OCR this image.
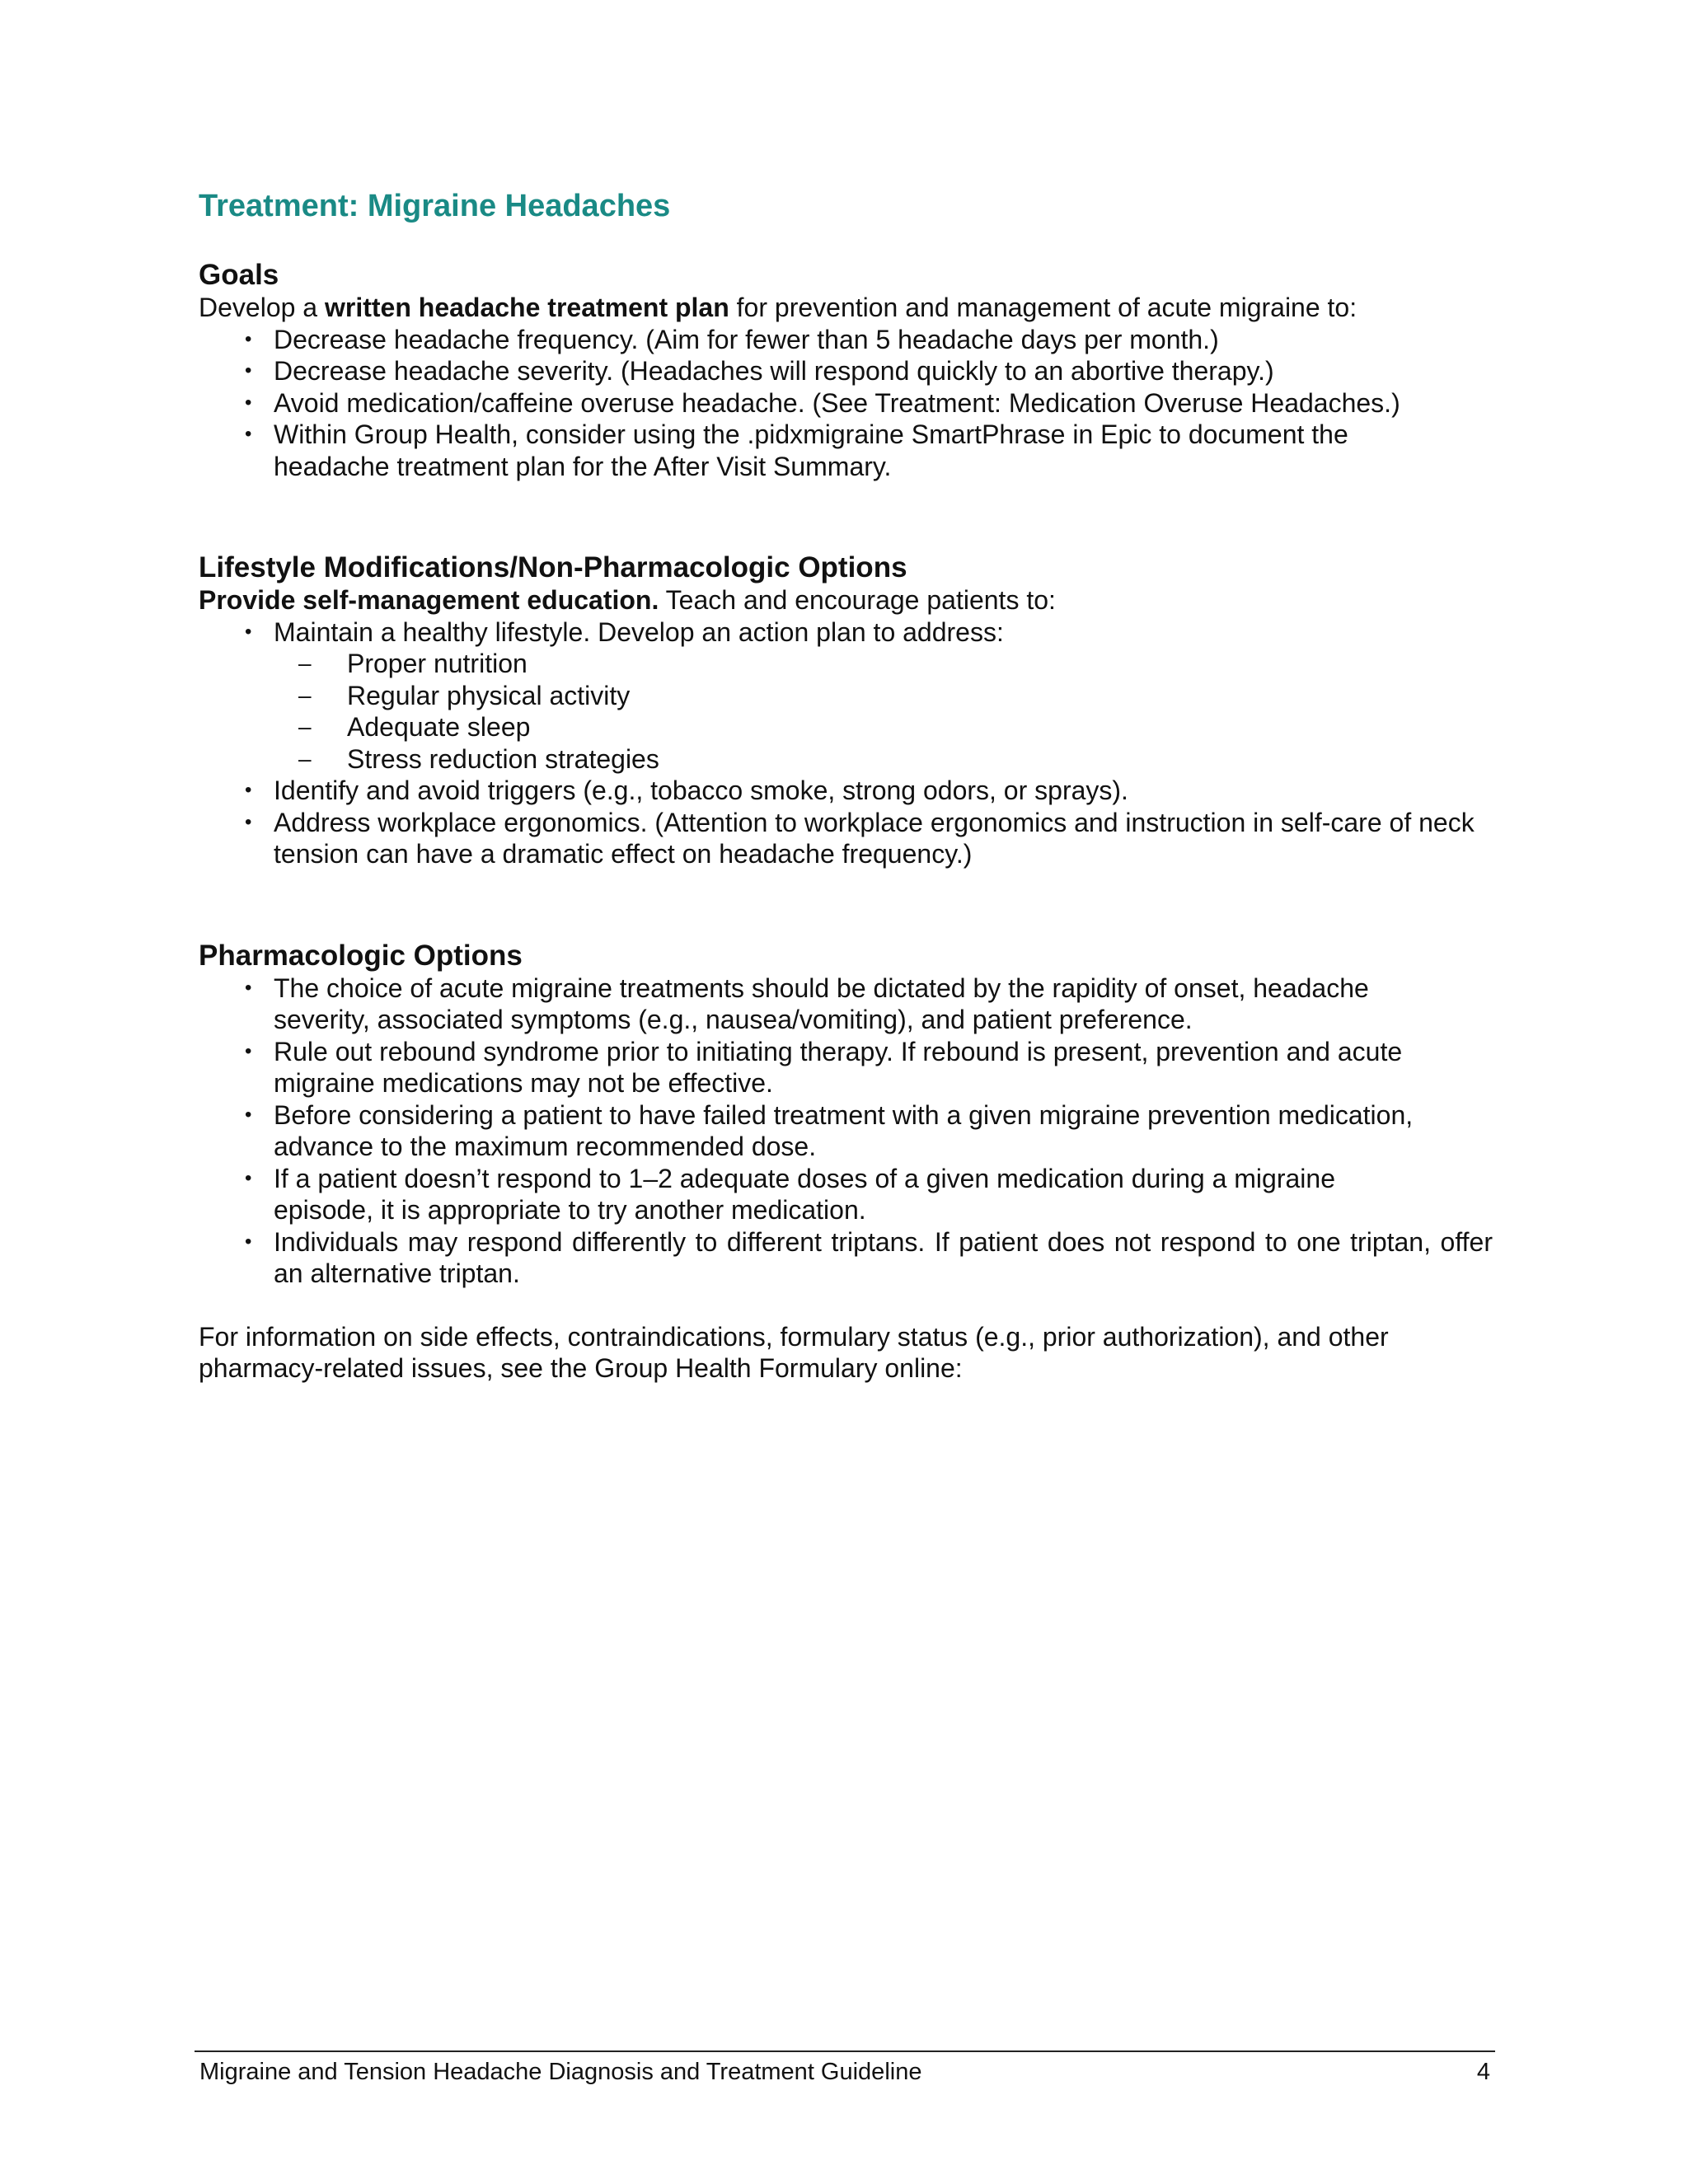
Treatment: Migraine Headaches
Goals

Develop a written headache treatment plan for prevention and management of acute migraine to:

• Decrease headache frequency. (Aim for fewer than 5 headache days per month.)
• Decrease headache severity. (Headaches will respond quickly to an abortive therapy.)
• Avoid medication/caffeine overuse headache. (See Treatment: Medication Overuse Headaches.)
• Within Group Health, consider using the .pidxmigraine SmartPhrase in Epic to document the headache treatment plan for the After Visit Summary.
Lifestyle Modifications/Non-Pharmacologic Options

Provide self-management education. Teach and encourage patients to:

• Maintain a healthy lifestyle. Develop an action plan to address:
– Proper nutrition
– Regular physical activity
– Adequate sleep
– Stress reduction strategies
• Identify and avoid triggers (e.g., tobacco smoke, strong odors, or sprays).
• Address workplace ergonomics. (Attention to workplace ergonomics and instruction in self-care of neck tension can have a dramatic effect on headache frequency.)
Pharmacologic Options
• The choice of acute migraine treatments should be dictated by the rapidity of onset, headache severity, associated symptoms (e.g., nausea/vomiting), and patient preference.
• Rule out rebound syndrome prior to initiating therapy. If rebound is present, prevention and acute migraine medications may not be effective.
• Before considering a patient to have failed treatment with a given migraine prevention medication, advance to the maximum recommended dose.
• If a patient doesn’t respond to 1–2 adequate doses of a given medication during a migraine episode, it is appropriate to try another medication.
• Individuals may respond differently to different triptans. If patient does not respond to one triptan, offer an alternative triptan.

For information on side effects, contraindications, formulary status (e.g., prior authorization), and other pharmacy-related issues, see the Group Health Formulary online:

Migraine and Tension Headache Diagnosis and Treatment Guideline	4
